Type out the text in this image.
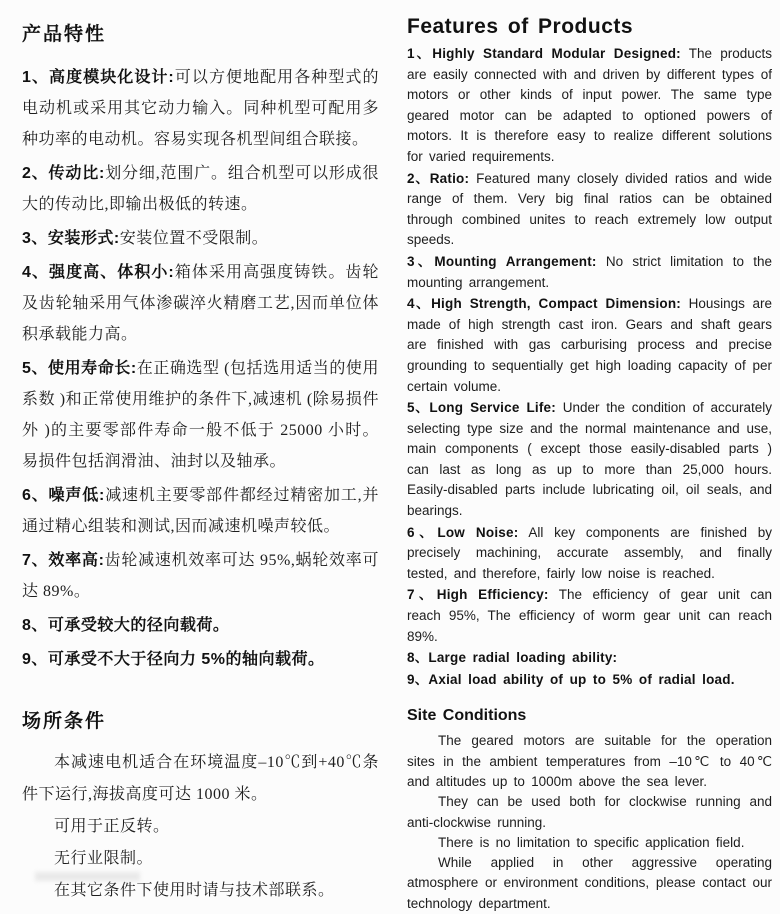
产品特性

1、高度模块化设计:可以方便地配用各种型式的电动机或采用其它动力输入。同种机型可配用多种功率的电动机。容易实现各机型间组合联接。

2、传动比:划分细,范围广。组合机型可以形成很大的传动比,即输出极低的转速。

3、安装形式:安装位置不受限制。

4、强度高、体积小:箱体采用高强度铸铁。齿轮及齿轮轴采用气体渗碳淬火精磨工艺,因而单位体积承载能力高。

5、使用寿命长:在正确选型 (包括选用适当的使用系数 )和正常使用维护的条件下,减速机 (除易损件外 )的主要零部件寿命一般不低于 25000 小时。易损件包括润滑油、油封以及轴承。

6、噪声低:减速机主要零部件都经过精密加工,并通过精心组装和测试,因而减速机噪声较低。

7、效率高:齿轮减速机效率可达 95%,蜗轮效率可达 89%。

8、可承受较大的径向载荷。

9、可承受不大于径向力 5%的轴向载荷。

场所条件

本减速电机适合在环境温度–10℃到+40℃条件下运行,海拔高度可达 1000 米。

可用于正反转。

无行业限制。

在其它条件下使用时请与技术部联系。

Features of Products

1、Highly Standard Modular Designed: The products are easily connected with and driven by different types of motors or other kinds of input power. The same type geared motor can be adapted to optioned powers of motors. It is therefore easy to realize different solutions for varied requirements.

2、Ratio: Featured many closely divided ratios and wide range of them. Very big final ratios can be obtained through combined unites to reach extremely low output speeds.

3、Mounting Arrangement: No strict limitation to the mounting arrangement.

4、High Strength, Compact Dimension: Housings are made of high strength cast iron. Gears and shaft gears are finished with gas carburising process and precise grounding to sequentially get high loading capacity of per certain volume.

5、Long Service Life: Under the condition of accurately selecting type size and the normal maintenance and use, main components ( except those easily-disabled parts ) can last as long as up to more than 25,000 hours. Easily-disabled parts include lubricating oil, oil seals, and bearings.

6、Low Noise: All key components are finished by precisely machining, accurate assembly, and finally tested, and therefore, fairly low noise is reached.

7、High Efficiency: The efficiency of gear unit can reach 95%, The efficiency of worm gear unit can reach 89%.

8、Large radial loading ability:

9、Axial load ability of up to 5% of radial load.

Site Conditions

The geared motors are suitable for the operation sites in the ambient temperatures from –10℃ to 40℃ and altitudes up to 1000m above the sea lever.

They can be used both for clockwise running and anti-clockwise running.

There is no limitation to specific application field.

While applied in other aggressive operating atmosphere or environment conditions, please contact our technology department.
